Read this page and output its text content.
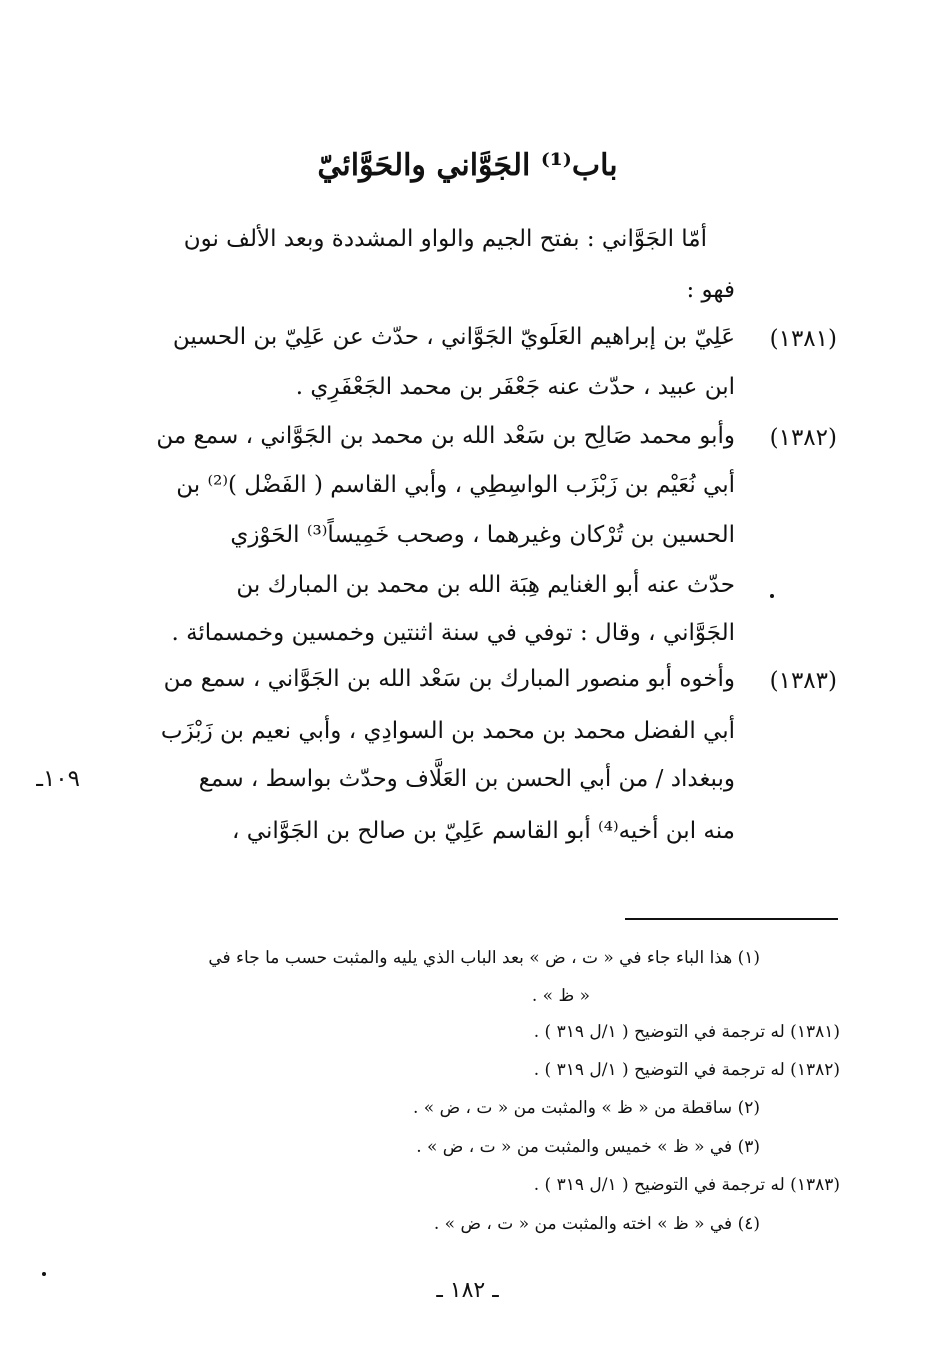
باب⁽¹⁾ الجَوَّاني والحَوَّائيّ
أمّا الجَوَّاني : بفتح الجيم والواو المشددة وبعد الألف نون
فهو :
(١٣٨١)
عَلِيّ بن إبراهيم العَلَويّ الجَوَّاني ، حدّث عن عَلِيّ بن الحسين
ابن عبيد ، حدّث عنه جَعْفَر بن محمد الجَعْفَرِي .
(١٣٨٢)
وأبو محمد صَالِح بن سَعْد الله بن محمد بن الجَوَّاني ، سمع من
أبي نُعَيْم بن زَبْزَب الواسِطِي ، وأبي القاسم ( الفَضْل )⁽²⁾ بن
الحسين بن تُرْكان وغيرهما ، وصحب خَمِيساً⁽³⁾ الحَوْزي
حدّث عنه أبو الغنايم هِبَة الله بن محمد بن المبارك بن
الجَوَّاني ، وقال : توفي في سنة اثنتين وخمسين وخمسمائة .
(١٣٨٣)
وأخوه أبو منصور المبارك بن سَعْد الله بن الجَوَّاني ، سمع من
أبي الفضل محمد بن محمد بن السوادِي ، وأبي نعيم بن زَبْزَب
وببغداد / من أبي الحسن بن العَلَّاف وحدّث بواسط ، سمع
منه ابن أخيه⁽⁴⁾ أبو القاسم عَلِيّ بن صالح بن الجَوَّاني ،
١٠٩ـ
(١) هذا الباء جاء في « ت ، ض » بعد الباب الذي يليه والمثبت حسب ما جاء في
« ظ » .
(١٣٨١) له ترجمة في التوضيح ( ١/ل ٣١٩ ) .
(١٣٨٢) له ترجمة في التوضيح ( ١/ل ٣١٩ ) .
(٢) ساقطة من « ظ » والمثبت من « ت ، ض » .
(٣) في « ظ » خميس والمثبت من « ت ، ض » .
(١٣٨٣) له ترجمة في التوضيح ( ١/ل ٣١٩ ) .
(٤) في « ظ » اخته والمثبت من « ت ، ض » .
ـ ١٨٢ ـ
